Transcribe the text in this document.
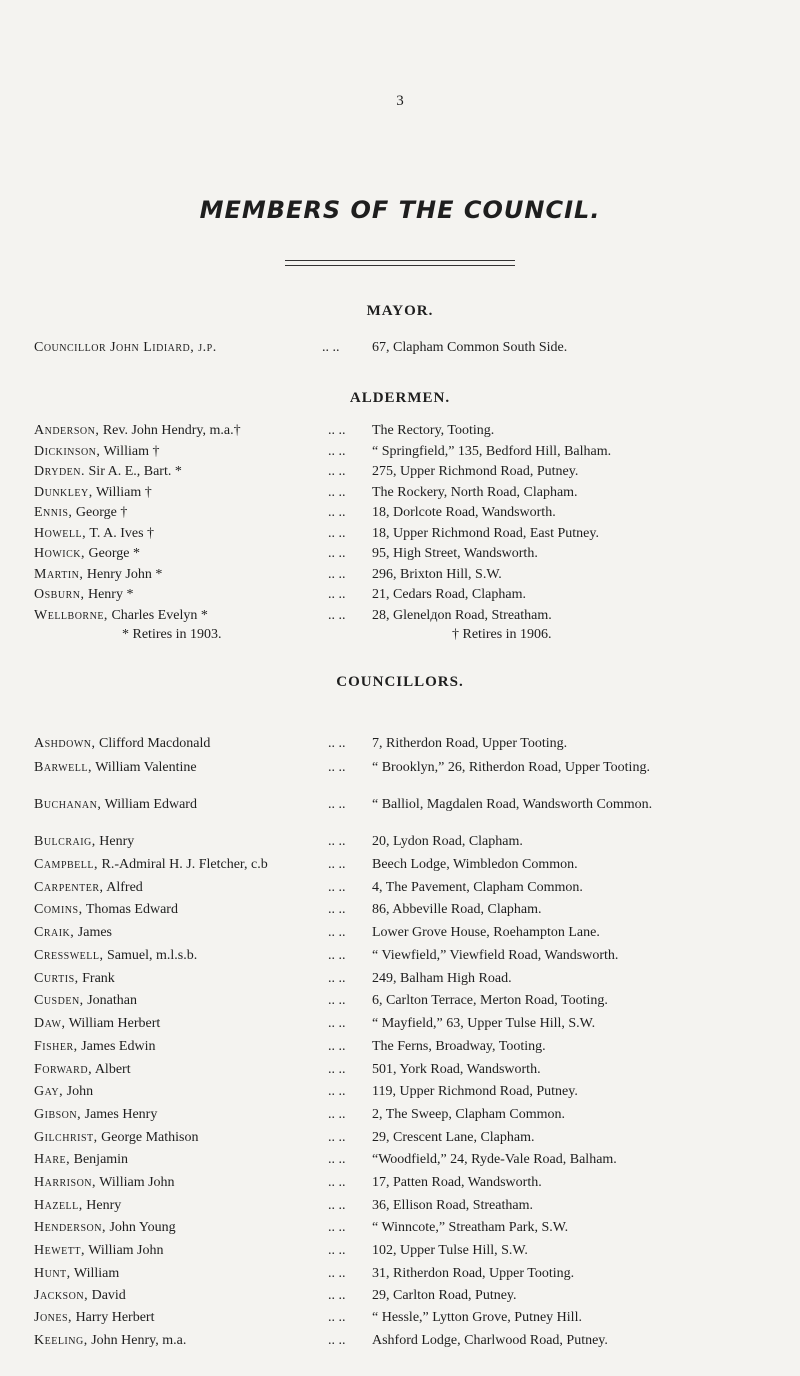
3
MEMBERS OF THE COUNCIL.
MAYOR.
Councillor John Lidiard, j.p.	.. .. 67, Clapham Common South Side.
ALDERMEN.
Anderson, Rev. John Hendry, m.a.†	.. .. The Rectory, Tooting.
Dickinson, William †	.. .. “ Springfield,” 135, Bedford Hill, Balham.
Dryden. Sir A. E., Bart. *	.. .. 275, Upper Richmond Road, Putney.
Dunkley, William †	.. .. The Rockery, North Road, Clapham.
Ennis, George †	.. .. 18, Dorlcote Road, Wandsworth.
Howell, T. A. Ives †	.. .. 18, Upper Richmond Road, East Putney.
Howick, George *	.. .. 95, High Street, Wandsworth.
Martin, Henry John *	.. .. 296, Brixton Hill, S.W.
Osburn, Henry *	.. .. 21, Cedars Road, Clapham.
Wellborne, Charles Evelyn *	.. .. 28, Glenelдon Road, Streatham.
* Retires in 1903.	† Retires in 1906.
COUNCILLORS.
Ashdown, Clifford Macdonald	.. .. 7, Ritherdon Road, Upper Tooting.
Barwell, William Valentine	.. .. “ Brooklyn,” 26, Ritherdon Road, Upper Tooting.
Buchanan, William Edward	.. .. “ Balliol, Magdalen Road, Wandsworth Common.
Bulcraig, Henry	.. .. 20, Lydon Road, Clapham.
Campbell, R.-Admiral H. J. Fletcher, c.b	.. .. Beech Lodge, Wimbledon Common.
Carpenter, Alfred	.. .. 4, The Pavement, Clapham Common.
Comins, Thomas Edward	.. .. 86, Abbeville Road, Clapham.
Craik, James	.. .. Lower Grove House, Roehampton Lane.
Cresswell, Samuel, m.l.s.b.	.. .. “ Viewfield,” Viewfield Road, Wandsworth.
Curtis, Frank	.. .. 249, Balham High Road.
Cusden, Jonathan	.. .. 6, Carlton Terrace, Merton Road, Tooting.
Daw, William Herbert	.. .. “ Mayfield,” 63, Upper Tulse Hill, S.W.
Fisher, James Edwin	.. .. The Ferns, Broadway, Tooting.
Forward, Albert	.. .. 501, York Road, Wandsworth.
Gay, John	.. .. 119, Upper Richmond Road, Putney.
Gibson, James Henry	.. .. 2, The Sweep, Clapham Common.
Gilchrist, George Mathison	.. .. 29, Crescent Lane, Clapham.
Hare, Benjamin	.. .. “Woodfield,” 24, Ryde-Vale Road, Balham.
Harrison, William John	.. .. 17, Patten Road, Wandsworth.
Hazell, Henry	.. .. 36, Ellison Road, Streatham.
Henderson, John Young	.. .. “ Winncote,” Streatham Park, S.W.
Hewett, William John	.. .. 102, Upper Tulse Hill, S.W.
Hunt, William	.. .. 31, Ritherdon Road, Upper Tooting.
Jackson, David	.. .. 29, Carlton Road, Putney.
Jones, Harry Herbert	.. .. “ Hessle,” Lytton Grove, Putney Hill.
Keeling, John Henry, m.a.	.. .. Ashford Lodge, Charlwood Road, Putney.
